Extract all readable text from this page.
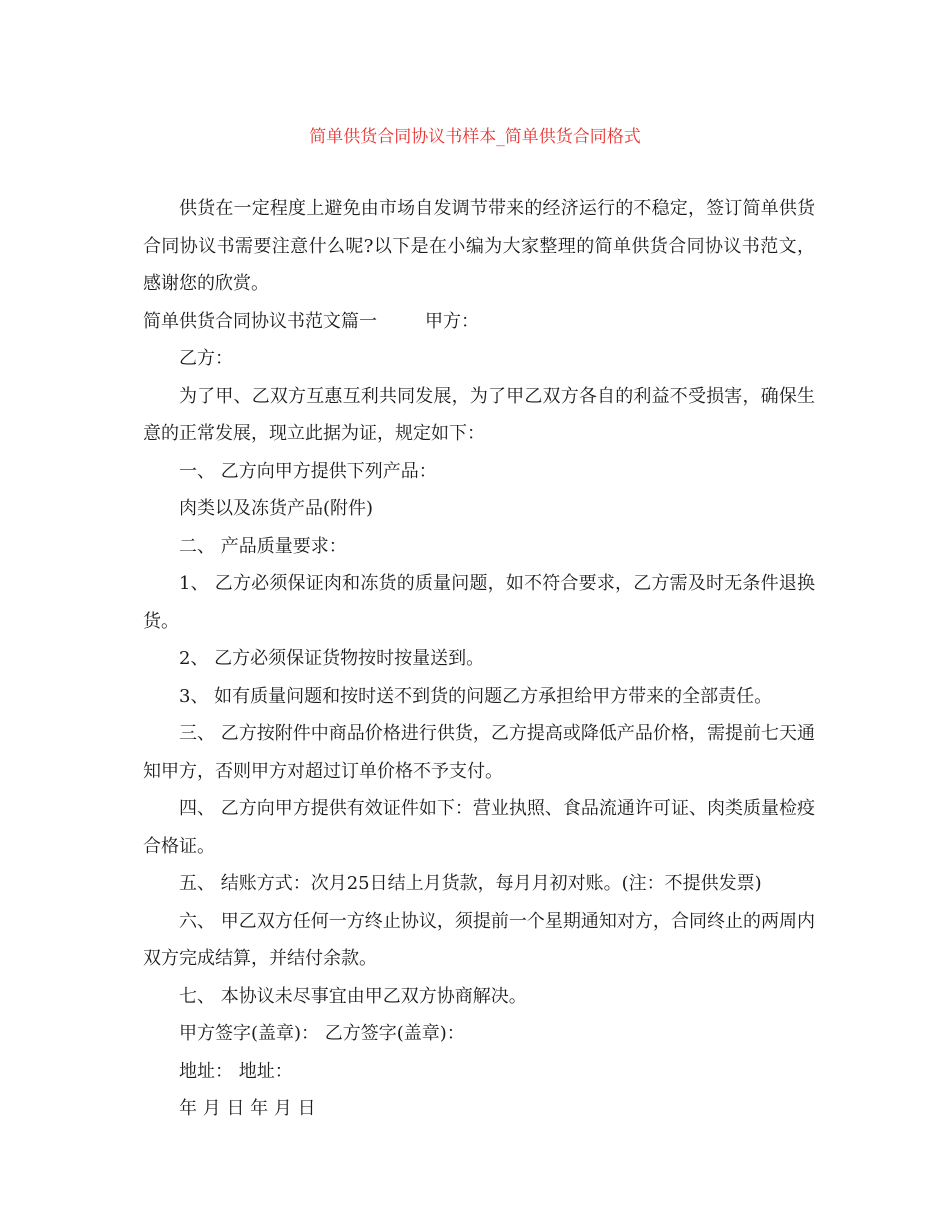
简单供货合同协议书样本_简单供货合同格式

供货在一定程度上避免由市场自发调节带来的经济运行的不稳定，签订简单供货合同协议书需要注意什么呢?以下是在小编为大家整理的简单供货合同协议书范文，感谢您的欣赏。

简单供货合同协议书范文篇一	甲方：

乙方：

为了甲、乙双方互惠互利共同发展，为了甲乙双方各自的利益不受损害，确保生意的正常发展，现立此据为证，规定如下：

一、 乙方向甲方提供下列产品：

肉类以及冻货产品(附件)

二、 产品质量要求：

1、 乙方必须保证肉和冻货的质量问题，如不符合要求，乙方需及时无条件退换货。

2、 乙方必须保证货物按时按量送到。

3、 如有质量问题和按时送不到货的问题乙方承担给甲方带来的全部责任。

三、 乙方按附件中商品价格进行供货，乙方提高或降低产品价格，需提前七天通知甲方，否则甲方对超过订单价格不予支付。

四、 乙方向甲方提供有效证件如下：营业执照、食品流通许可证、肉类质量检疫合格证。

五、 结账方式：次月25日结上月货款，每月月初对账。(注：不提供发票)

六、 甲乙双方任何一方终止协议，须提前一个星期通知对方，合同终止的两周内双方完成结算，并结付余款。

七、 本协议未尽事宜由甲乙双方协商解决。

甲方签字(盖章)： 乙方签字(盖章)：

地址： 地址：

年 月 日 年 月 日
